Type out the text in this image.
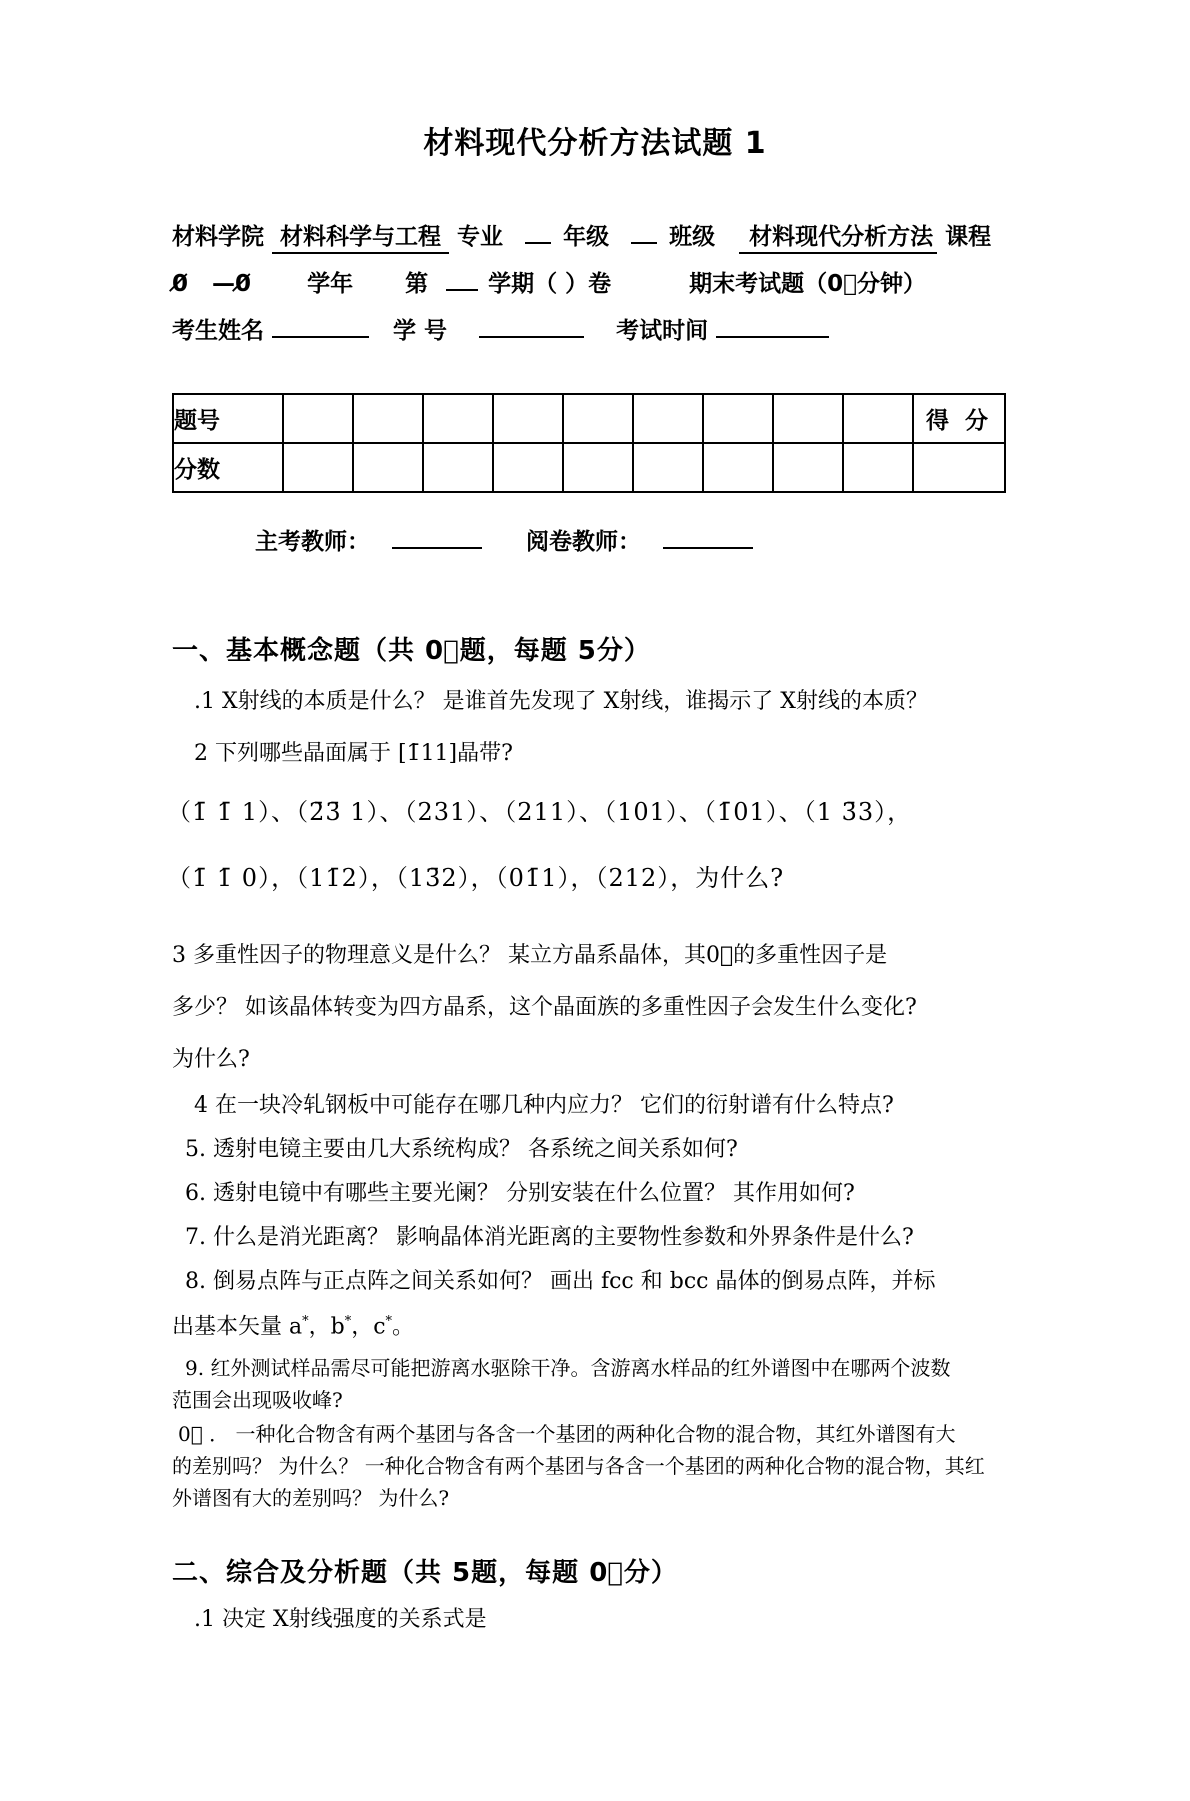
材料现代分析方法试题 1
材料学院 材料科学与工程 专业	年级	班级 材料现代分析方法 课程
0̸ —0̸ 学年 第	学期（ ）卷	期末考试题（0⃒分钟）
考生姓名	学 号	考试时间
题号										得 分
分数										
主考教师：	阅卷教师：
一、基本概念题（共 0⃒题，每题 5分）

.1 X射线的本质是什么？ 是谁首先发现了 X射线，谁揭示了 X射线的本质？

2 下列哪些晶面属于 [1̄11]晶带?

（1̄ 1̄ 1）、（2̄3̄ 1）、（231）、（211）、（101）、（1̄01）、（1 3̄3），

（1̄ 1̄ 0），（11̄2），（13̄2），（01̄1），（212），为什么?

3 多重性因子的物理意义是什么？ 某立方晶系晶体，其0⃒的多重性因子是

多少？ 如该晶体转变为四方晶系，这个晶面族的多重性因子会发生什么变化?

为什么?

4 在一块冷轧钢板中可能存在哪几种内应力？ 它们的衍射谱有什么特点?

5. 透射电镜主要由几大系统构成？ 各系统之间关系如何?

6. 透射电镜中有哪些主要光阑？ 分别安装在什么位置？ 其作用如何?

7. 什么是消光距离？ 影响晶体消光距离的主要物性参数和外界条件是什么?

8. 倒易点阵与正点阵之间关系如何？ 画出 fcc 和 bcc 晶体的倒易点阵，并标

出基本矢量 a*，b*，c*。

9. 红外测试样品需尽可能把游离水驱除干净。含游离水样品的红外谱图中在哪两个波数

范围会出现吸收峰?

0⃒ ． 一种化合物含有两个基团与各含一个基团的两种化合物的混合物，其红外谱图有大

的差别吗？ 为什么？ 一种化合物含有两个基团与各含一个基团的两种化合物的混合物，其红

外谱图有大的差别吗？ 为什么?

二、综合及分析题（共 5题，每题 0⃒分）

.1 决定 X射线强度的关系式是
